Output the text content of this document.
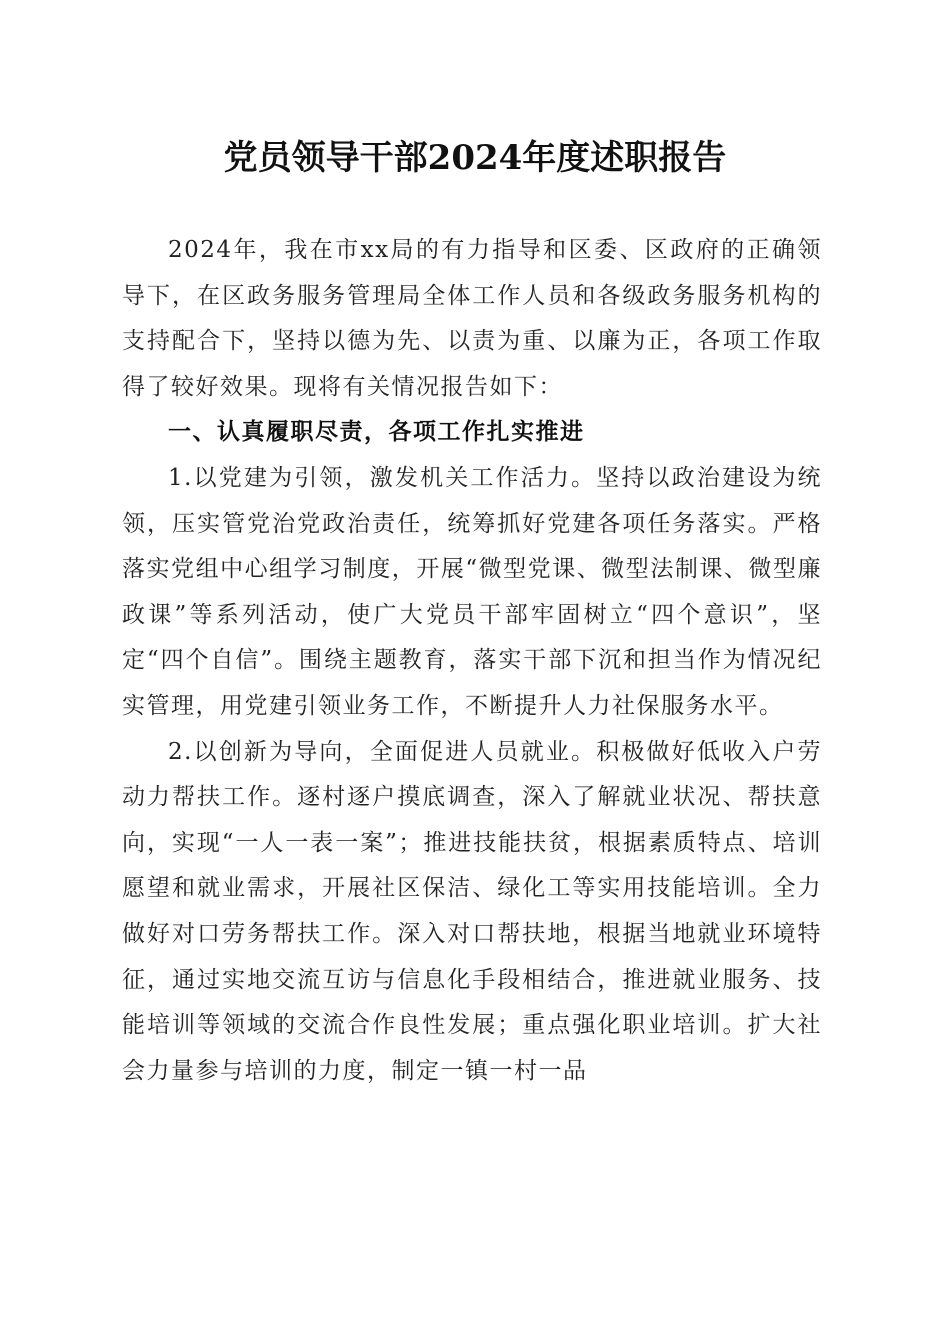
党员领导干部2024年度述职报告

2024年，我在市xx局的有力指导和区委、区政府的正确领导下，在区政务服务管理局全体工作人员和各级政务服务机构的支持配合下，坚持以德为先、以责为重、以廉为正，各项工作取得了较好效果。现将有关情况报告如下：

一、认真履职尽责，各项工作扎实推进

1.以党建为引领，激发机关工作活力。坚持以政治建设为统领，压实管党治党政治责任，统筹抓好党建各项任务落实。严格落实党组中心组学习制度，开展“微型党课、微型法制课、微型廉政课”等系列活动，使广大党员干部牢固树立“四个意识”，坚定“四个自信”。围绕主题教育，落实干部下沉和担当作为情况纪实管理，用党建引领业务工作，不断提升人力社保服务水平。

2.以创新为导向，全面促进人员就业。积极做好低收入户劳动力帮扶工作。逐村逐户摸底调查，深入了解就业状况、帮扶意向，实现“一人一表一案”；推进技能扶贫，根据素质特点、培训愿望和就业需求，开展社区保洁、绿化工等实用技能培训。全力做好对口劳务帮扶工作。深入对口帮扶地，根据当地就业环境特征，通过实地交流互访与信息化手段相结合，推进就业服务、技能培训等领域的交流合作良性发展；重点强化职业培训。扩大社会力量参与培训的力度，制定一镇一村一品
